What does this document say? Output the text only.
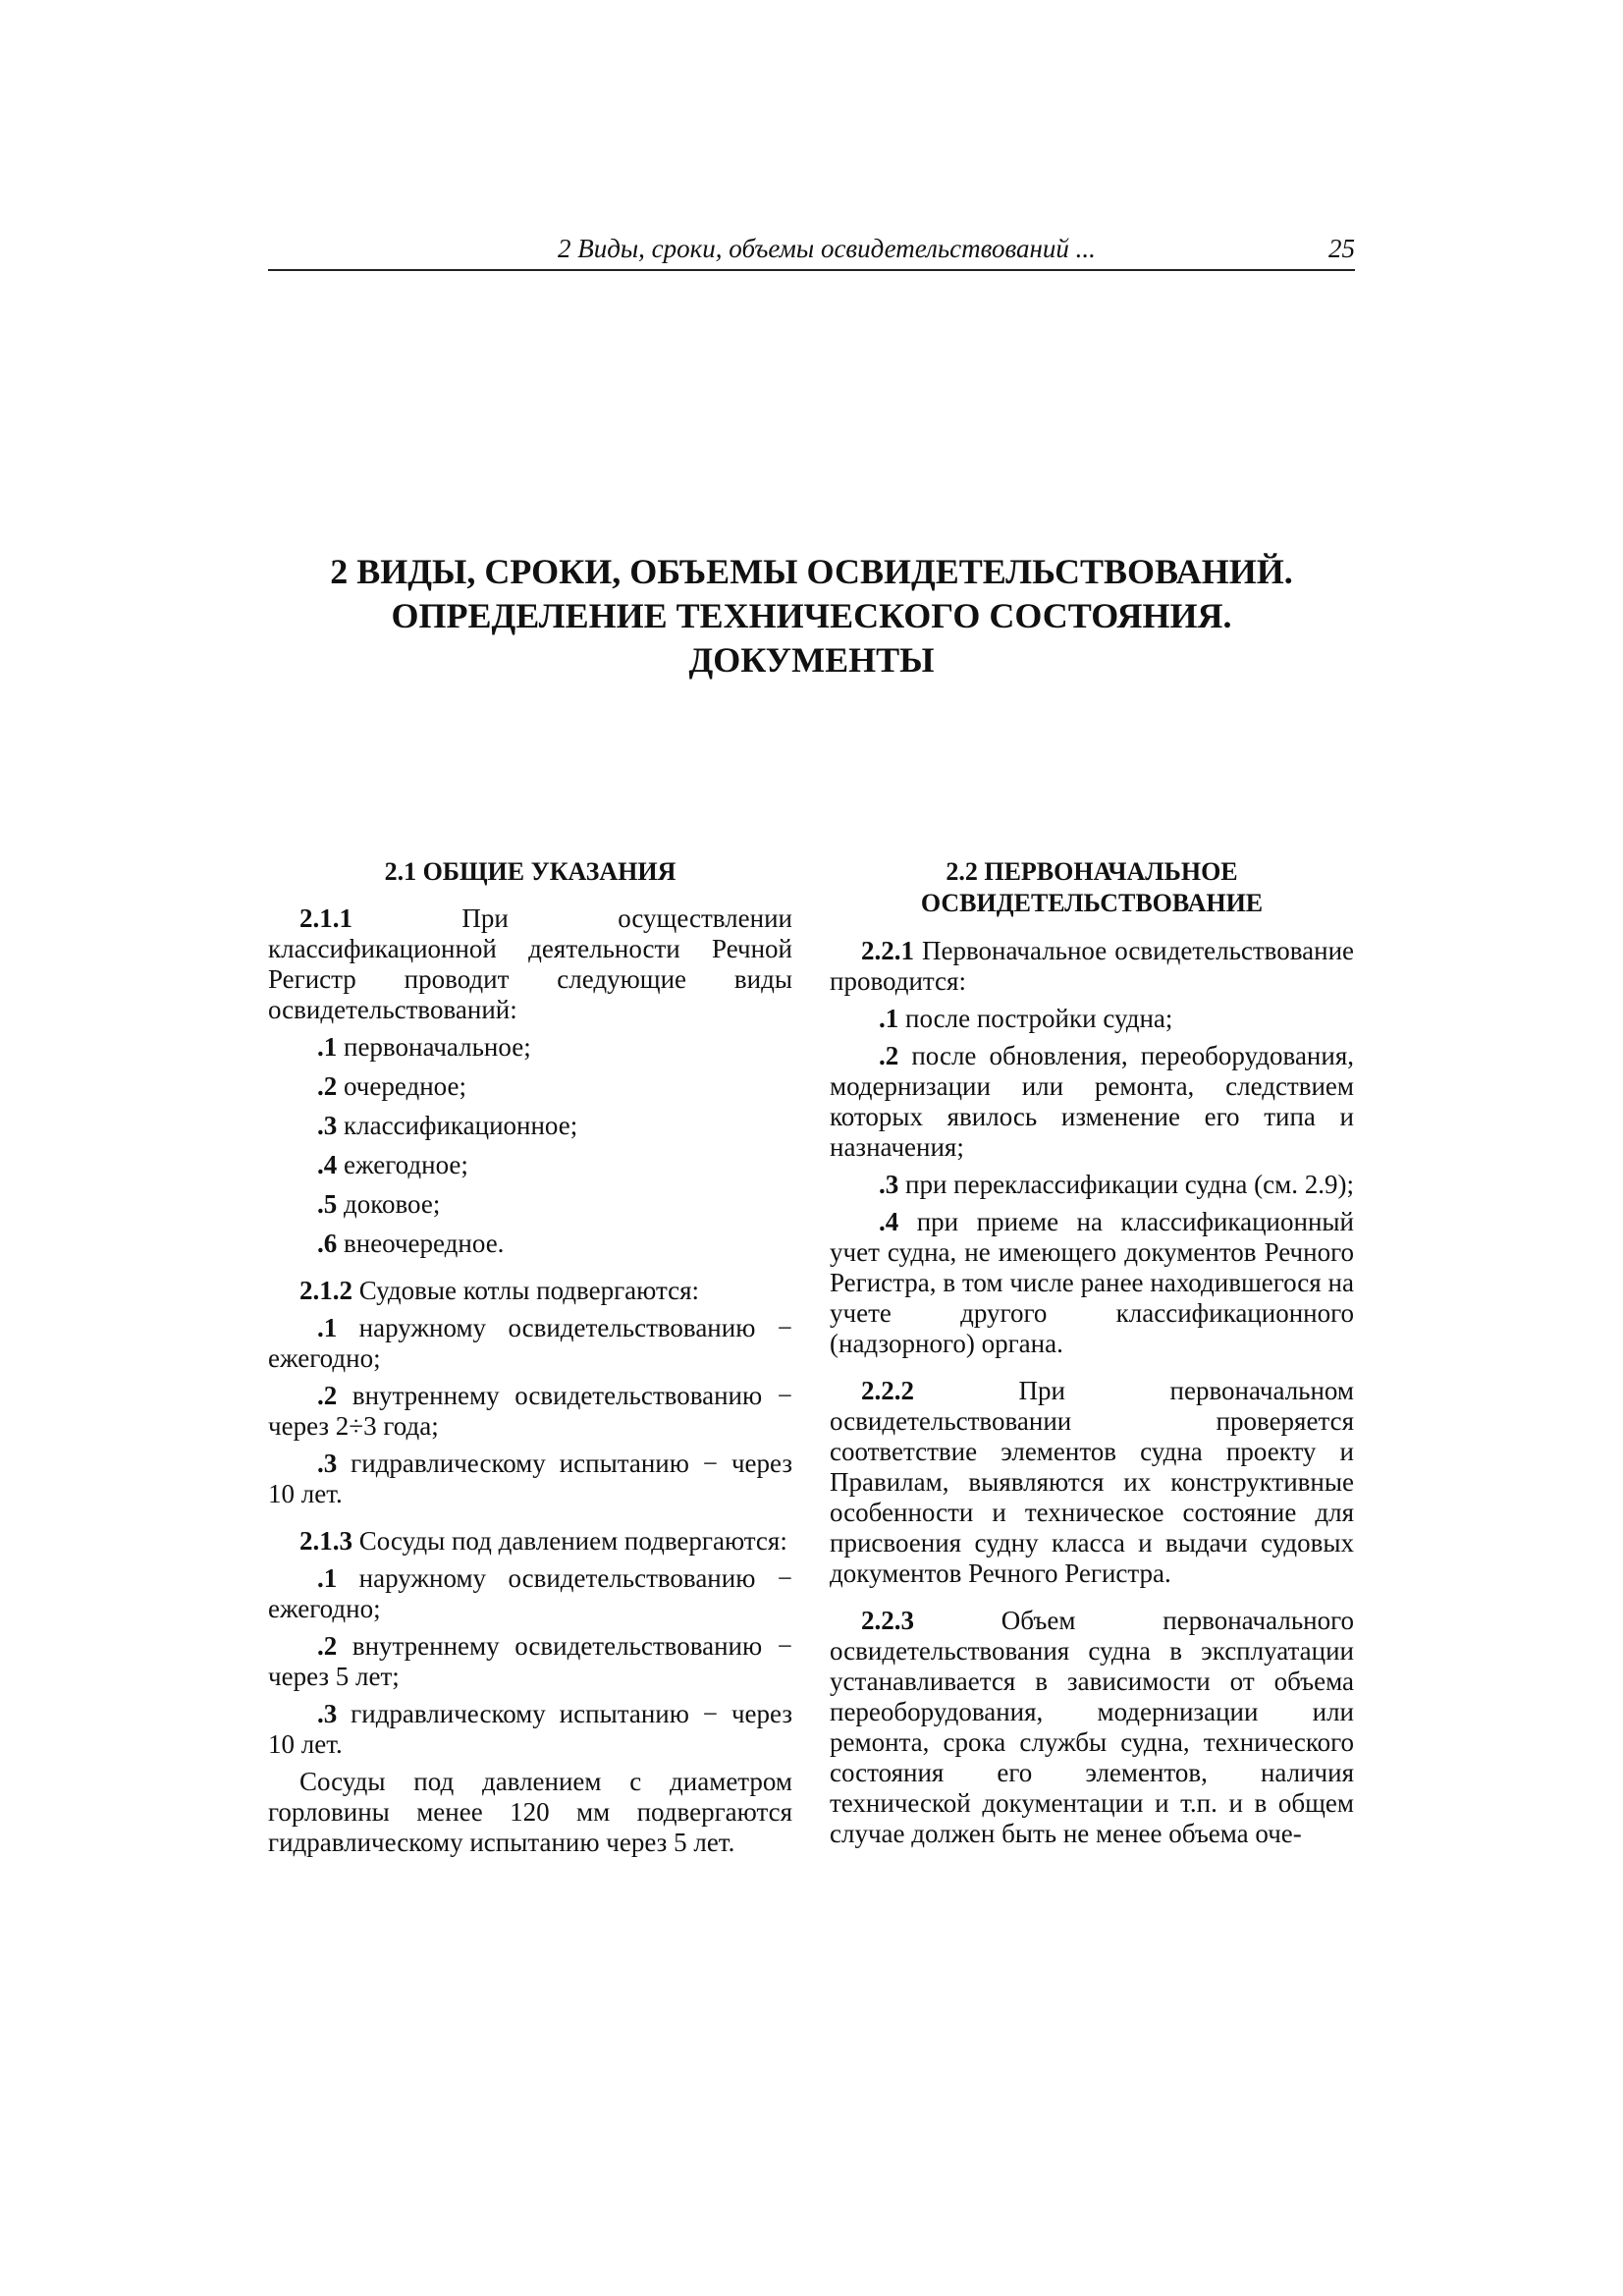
2 Виды, сроки, объемы освидетельствований ...	25
2 ВИДЫ, СРОКИ, ОБЪЕМЫ ОСВИДЕТЕЛЬСТВОВАНИЙ.
ОПРЕДЕЛЕНИЕ ТЕХНИЧЕСКОГО СОСТОЯНИЯ.
ДОКУМЕНТЫ
2.1 ОБЩИЕ УКАЗАНИЯ

2.1.1 При осуществлении классификационной деятельности Речной Регистр проводит следующие виды освидетельствований:

.1 первоначальное;

.2 очередное;

.3 классификационное;

.4 ежегодное;

.5 доковое;

.6 внеочередное.

2.1.2 Судовые котлы подвергаются:

.1 наружному освидетельствованию − ежегодно;

.2 внутреннему освидетельствованию − через 2÷3 года;

.3 гидравлическому испытанию − через 10 лет.

2.1.3 Сосуды под давлением подвергаются:

.1 наружному освидетельствованию − ежегодно;

.2 внутреннему освидетельствованию − через 5 лет;

.3 гидравлическому испытанию − через 10 лет.

Сосуды под давлением с диаметром горловины менее 120 мм подвергаются гидравлическому испытанию через 5 лет.

2.2 ПЕРВОНАЧАЛЬНОЕ
ОСВИДЕТЕЛЬСТВОВАНИЕ

2.2.1 Первоначальное освидетельствование проводится:

.1 после постройки судна;

.2 после обновления, переоборудования, модернизации или ремонта, следствием которых явилось изменение его типа и назначения;

.3 при переклассификации судна (см. 2.9);

.4 при приеме на классификационный учет судна, не имеющего документов Речного Регистра, в том числе ранее находившегося на учете другого классификационного (надзорного) органа.

2.2.2 При первоначальном освидетельствовании проверяется соответствие элементов судна проекту и Правилам, выявляются их конструктивные особенности и техническое состояние для присвоения судну класса и выдачи судовых документов Речного Регистра.

2.2.3 Объем первоначального освидетельствования судна в эксплуатации устанавливается в зависимости от объема переоборудования, модернизации или ремонта, срока службы судна, технического состояния его элементов, наличия технической документации и т.п. и в общем случае должен быть не менее объема оче-
